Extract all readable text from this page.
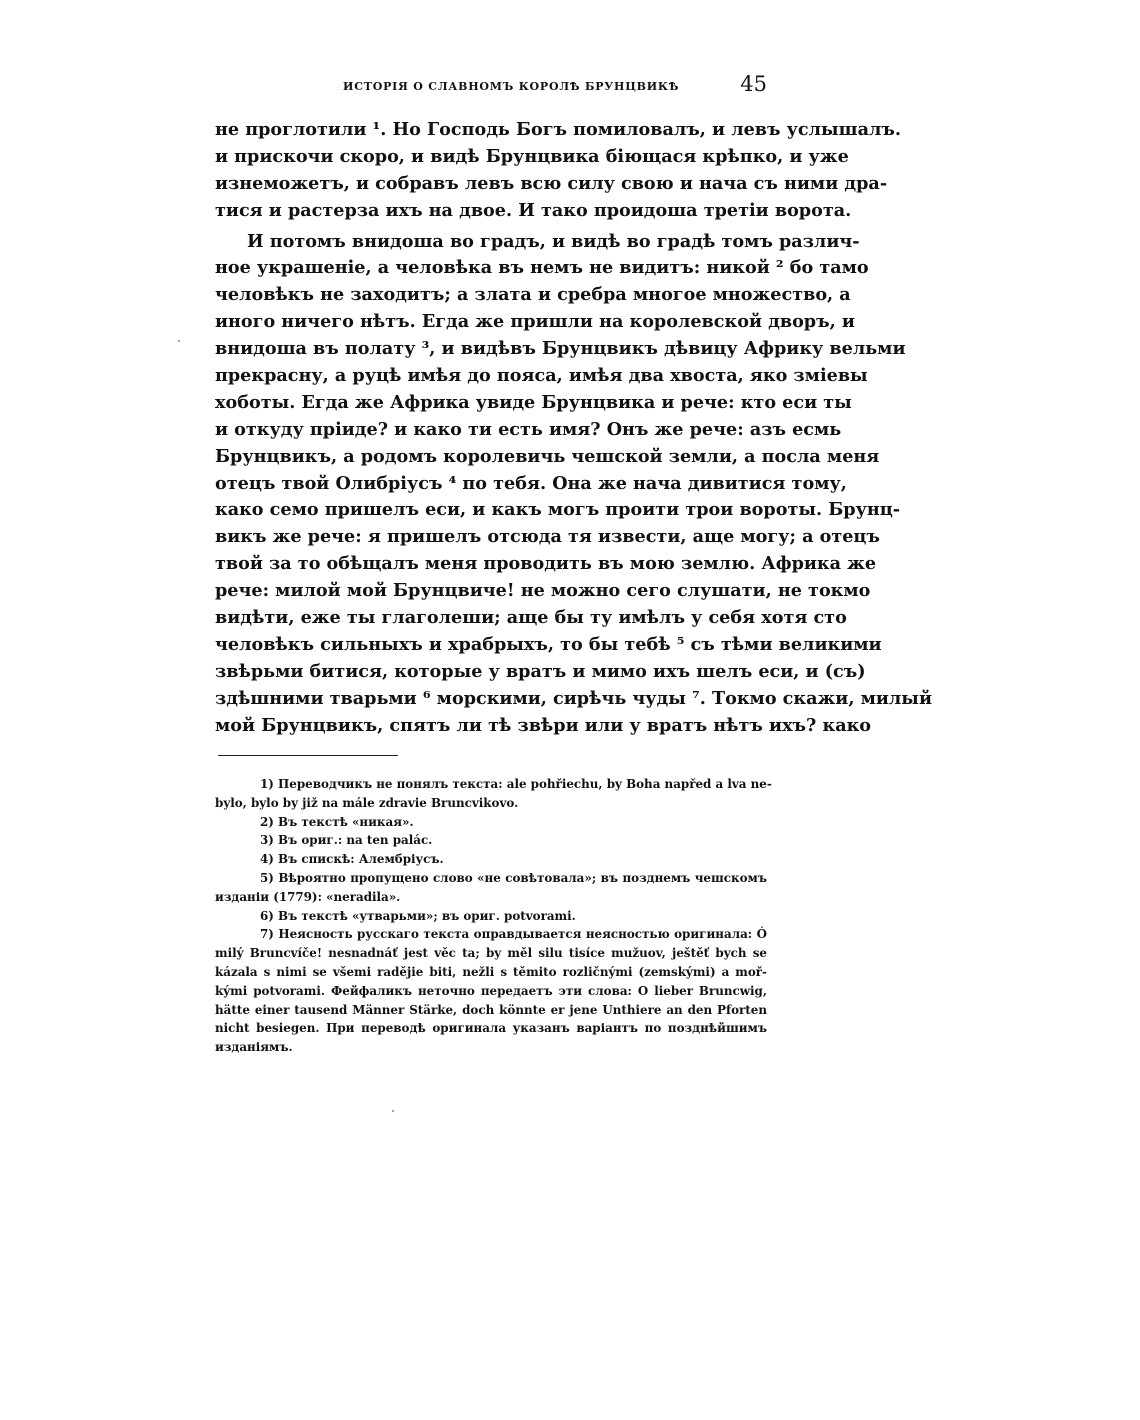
ИСТОРІЯ О СЛАВНОМЪ КОРОЛѢ БРУНЦВИКѢ	45
не проглотили ¹. Но Господь Богъ помиловалъ, и левъ услышалъ.
и прискочи скоро, и видѣ Брунцвика біющася крѣпко, и уже
изнеможетъ, и собравъ левъ всю силу свою и нача съ ними дра-
тися и растерза ихъ на двое. И тако проидоша третіи ворота.
И потомъ внидоша во градъ, и видѣ во градѣ томъ различ-
ное украшеніе, а человѣка въ немъ не видитъ: никой ² бо тамо
человѣкъ не заходитъ; а злата и сребра многое множество, а
иного ничего нѣтъ. Егда же пришли на королевской дворъ, и
внидоша въ полату ³, и видѣвъ Брунцвикъ дѣвицу Африку вельми
прекрасну, а руцѣ имѣя до пояса, имѣя два хвоста, яко зміевы
хоботы. Егда же Африка увиде Брунцвика и рече: кто еси ты
и откуду пріиде? и како ти есть имя? Онъ же рече: азъ есмь
Брунцвикъ, а родомъ королевичь чешской земли, а посла меня
отецъ твой Олибріусъ ⁴ по тебя. Она же нача дивитися тому,
како семо пришелъ еси, и какъ могъ проити трои вороты. Брунц-
викъ же рече: я пришелъ отсюда тя извести, аще могу; а отецъ
твой за то обѣщалъ меня проводить въ мою землю. Африка же
рече: милой мой Брунцвиче! не можно сего слушати, не токмо
видѣти, еже ты глаголеши; аще бы ту имѣлъ у себя хотя сто
человѣкъ сильныхъ и храбрыхъ, то бы тебѣ ⁵ съ тѣми великими
звѣрьми битися, которые у вратъ и мимо ихъ шелъ еси, и (съ)
здѣшними тварьми ⁶ морскими, сирѣчь чуды ⁷. Токмо скажи, милый
мой Брунцвикъ, спятъ ли тѣ звѣри или у вратъ нѣтъ ихъ? како
1) Переводчикъ не понялъ текста: ale pohřiechu, by Boha napřed a lva ne-
bylo, bylo by již na mále zdravie Bruncvikovo.
2) Въ текстѣ «никая».
3) Въ ориг.: na ten palác.
4) Въ спискѣ: Алембріусъ.
5) Вѣроятно пропущено слово «не совѣтовала»; въ позднемъ чешскомъ
изданіи (1779): «neradila».
6) Въ текстѣ «утварьми»; въ ориг. potvorami.
7) Неясность русскаго текста оправдывается неясностью оригинала: Ó
milý Bruncvíče! nesnadnáť jest věc ta; by měl silu tisíce mužuov, ještěť bych se
kázala s nimi se všemi radějie biti, nežli s těmito rozličnými (zemskými) a moř-
kými potvorami. Фейфаликъ неточно передаетъ эти слова: O lieber Bruncwig,
hätte einer tausend Männer Stärke, doch könnte er jene Unthiere an den Pforten
nicht besiegen. При переводѣ оригинала указанъ варіантъ по позднѣйшимъ
изданіямъ.
